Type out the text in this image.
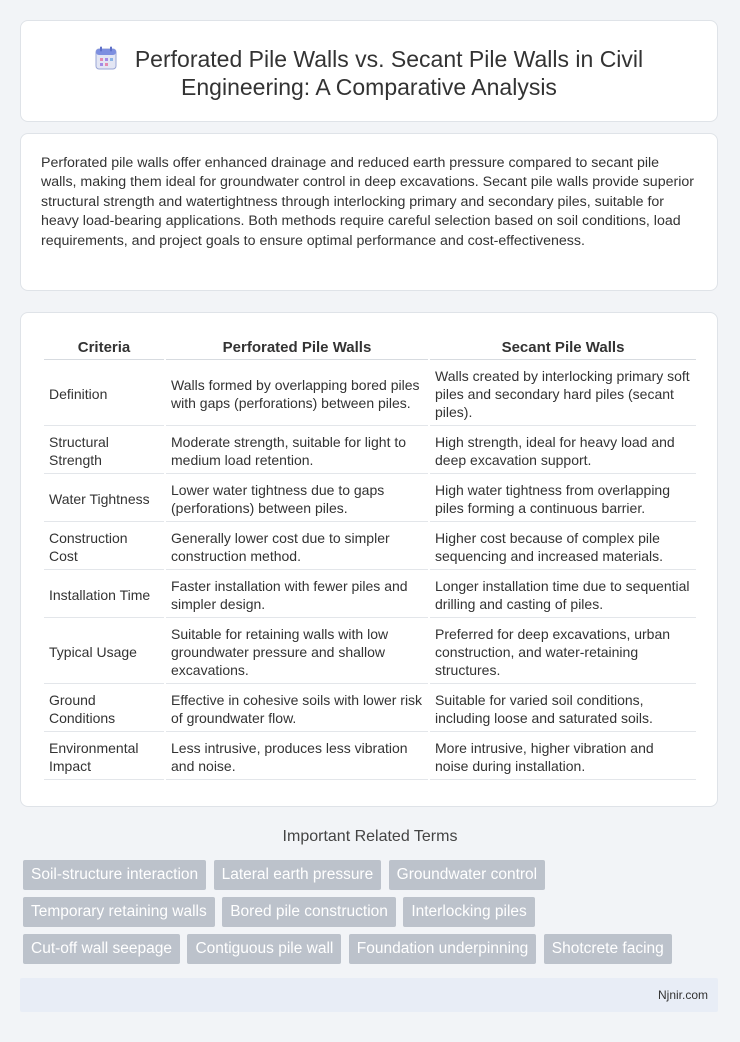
Perforated Pile Walls vs. Secant Pile Walls in Civil Engineering: A Comparative Analysis

Perforated pile walls offer enhanced drainage and reduced earth pressure compared to secant pile walls, making them ideal for groundwater control in deep excavations. Secant pile walls provide superior structural strength and watertightness through interlocking primary and secondary piles, suitable for heavy load-bearing applications. Both methods require careful selection based on soil conditions, load requirements, and project goals to ensure optimal performance and cost-effectiveness.

Criteria	Perforated Pile Walls	Secant Pile Walls
Definition	Walls formed by overlapping bored piles with gaps (perforations) between piles.	Walls created by interlocking primary soft piles and secondary hard piles (secant piles).
Structural Strength	Moderate strength, suitable for light to medium load retention.	High strength, ideal for heavy load and deep excavation support.
Water Tightness	Lower water tightness due to gaps (perforations) between piles.	High water tightness from overlapping piles forming a continuous barrier.
Construction Cost	Generally lower cost due to simpler construction method.	Higher cost because of complex pile sequencing and increased materials.
Installation Time	Faster installation with fewer piles and simpler design.	Longer installation time due to sequential drilling and casting of piles.
Typical Usage	Suitable for retaining walls with low groundwater pressure and shallow excavations.	Preferred for deep excavations, urban construction, and water-retaining structures.
Ground Conditions	Effective in cohesive soils with lower risk of groundwater flow.	Suitable for varied soil conditions, including loose and saturated soils.
Environmental Impact	Less intrusive, produces less vibration and noise.	More intrusive, higher vibration and noise during installation.
Important Related Terms
Soil-structure interaction Lateral earth pressure Groundwater control
Temporary retaining walls Bored pile construction Interlocking piles
Cut-off wall seepage Contiguous pile wall Foundation underpinning Shotcrete facing
Njnir.com
